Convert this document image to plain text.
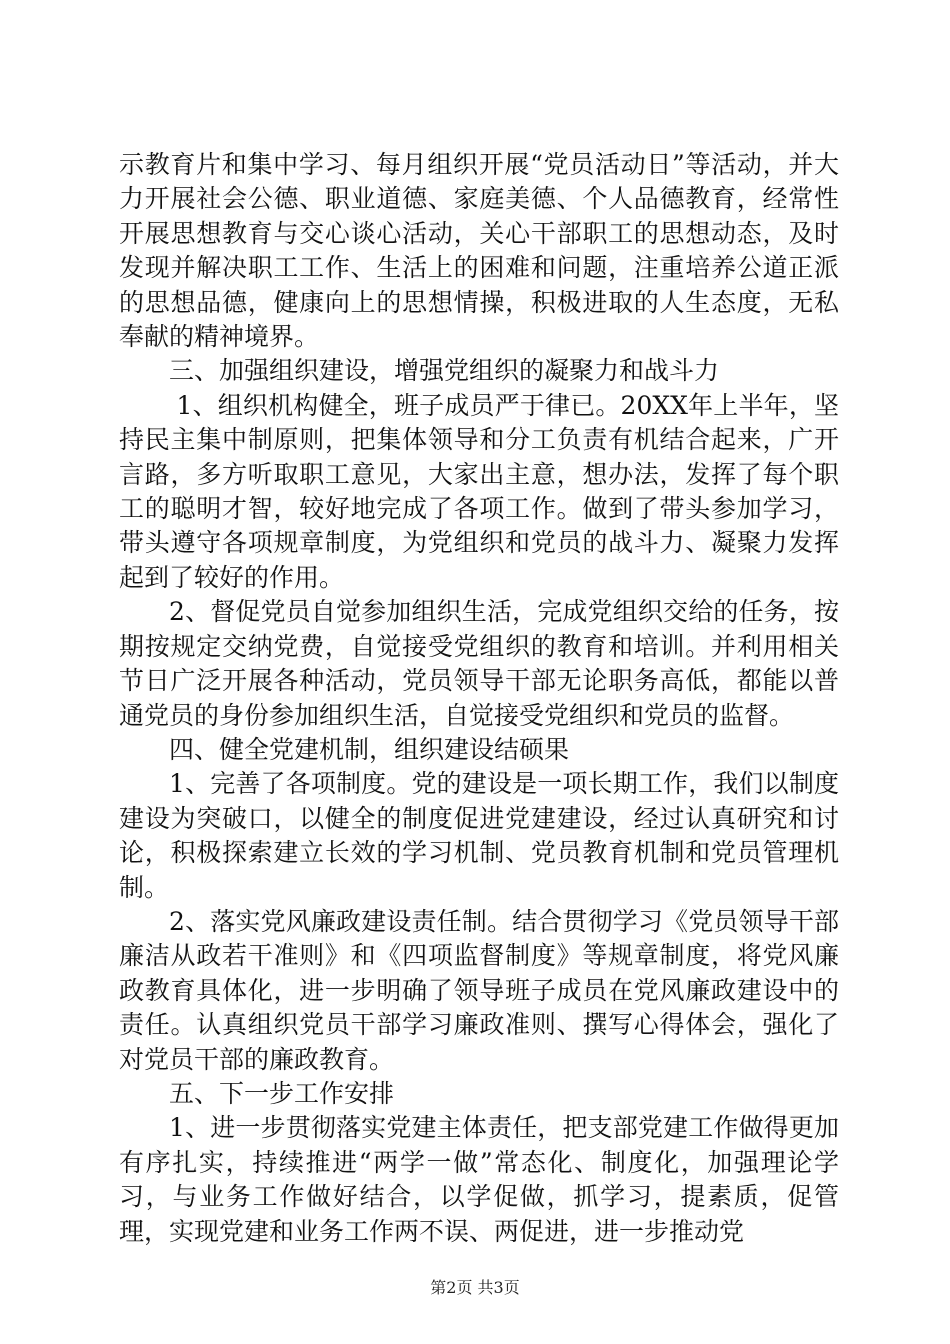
示教育片和集中学习、每月组织开展“党员活动日”等活动，并大力开展社会公德、职业道德、家庭美德、个人品德教育，经常性开展思想教育与交心谈心活动，关心干部职工的思想动态，及时发现并解决职工工作、生活上的困难和问题，注重培养公道正派的思想品德，健康向上的思想情操，积极进取的人生态度，无私奉献的精神境界。

三、加强组织建设，增强党组织的凝聚力和战斗力

1、组织机构健全，班子成员严于律已。20XX年上半年，坚持民主集中制原则，把集体领导和分工负责有机结合起来，广开言路，多方听取职工意见，大家出主意，想办法，发挥了每个职工的聪明才智，较好地完成了各项工作。做到了带头参加学习，带头遵守各项规章制度，为党组织和党员的战斗力、凝聚力发挥起到了较好的作用。

2、督促党员自觉参加组织生活，完成党组织交给的任务，按期按规定交纳党费，自觉接受党组织的教育和培训。并利用相关节日广泛开展各种活动，党员领导干部无论职务高低，都能以普通党员的身份参加组织生活，自觉接受党组织和党员的监督。

四、健全党建机制，组织建设结硕果

1、完善了各项制度。党的建设是一项长期工作，我们以制度建设为突破口，以健全的制度促进党建建设，经过认真研究和讨论，积极探索建立长效的学习机制、党员教育机制和党员管理机制。

2、落实党风廉政建设责任制。结合贯彻学习《党员领导干部廉洁从政若干准则》和《四项监督制度》等规章制度，将党风廉政教育具体化，进一步明确了领导班子成员在党风廉政建设中的责任。认真组织党员干部学习廉政准则、撰写心得体会，强化了对党员干部的廉政教育。

五、下一步工作安排

1、进一步贯彻落实党建主体责任，把支部党建工作做得更加有序扎实，持续推进“两学一做”常态化、制度化，加强理论学习，与业务工作做好结合，以学促做，抓学习，提素质，促管理，实现党建和业务工作两不误、两促进，进一步推动党

第2页 共3页
